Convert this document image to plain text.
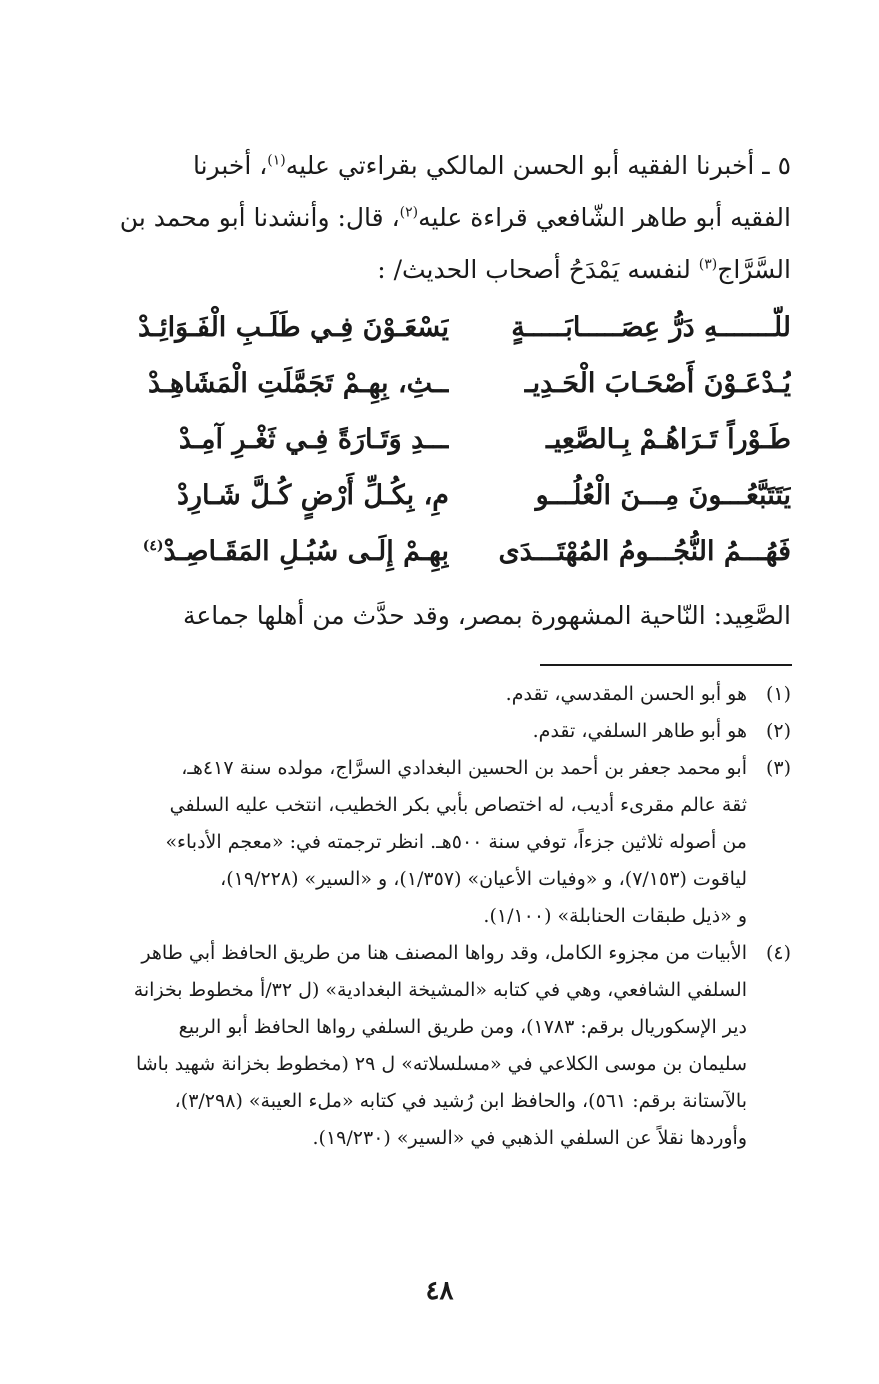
٥ ـ أخبرنا الفقيه أبو الحسن المالكي بقراءتي عليه$^{(١)}$، أخبرنا

الفقيه أبو طاهر الشّافعي قراءة عليه$^{(٢)}$، قال: وأنشدنا أبو محمد بن

السَّرَّاج$^{(٣)}$ لنفسه يَمْدَحُ أصحاب الحديث/ :

للّـــــــهِ دَرُّ عِصَـــــابَـــــةٍ
يَسْعَـوْنَ فِـي طَلَـبِ الْفَـوَائِـدْ
يُـدْعَـوْنَ أَصْحَـابَ الْحَـدِيـ
ــثِ، بِهِـمْ تَجَمَّلَتِ الْمَشَاهِـدْ
طَـوْراً تَـرَاهُـمْ بِـالصَّعِيـ
ـــدِ وَتَـارَةً فِـي ثَغْـرِ آمِـدْ
يَتَتَبَّعُـــونَ مِـــنَ الْعُلُـــو
مِ، بِكُـلِّ أَرْضٍ كُـلَّ شَـارِدْ
فَهُـــمُ النُّجُـــومُ المُهْتَـــدَى
بِهِـمْ إِلَـى سُبُـلِ المَقَـاصِـدْ$^{(٤)}$
الصَّعِيد: النّاحية المشهورة بمصر، وقد حدَّث من أهلها جماعة
(١)
هو أبو الحسن المقدسي، تقدم.
(٢)
هو أبو طاهر السلفي، تقدم.
(٣)
أبو محمد جعفر بن أحمد بن الحسين البغدادي السرَّاج، مولده سنة ٤١٧هـ،
ثقة عالم مقرىء أديب، له اختصاص بأبي بكر الخطيب، انتخب عليه السلفي
من أصوله ثلاثين جزءاً، توفي سنة ٥٠٠هـ. انظر ترجمته في: «معجم الأدباء»
لياقوت (٧/١٥٣)، و «وفيات الأعيان» (١/٣٥٧)، و «السير» (١٩/٢٢٨)،
و «ذيل طبقات الحنابلة» (١/١٠٠).
(٤)
الأبيات من مجزوء الكامل، وقد رواها المصنف هنا من طريق الحافظ أبي طاهر
السلفي الشافعي، وهي في كتابه «المشيخة البغدادية» (ل ٣٢/أ مخطوط بخزانة
دير الإسكوريال برقم: ١٧٨٣)، ومن طريق السلفي رواها الحافظ أبو الربيع
سليمان بن موسى الكلاعي في «مسلسلاته» ل ٢٩ (مخطوط بخزانة شهيد باشا
بالآستانة برقم: ٥٦١)، والحافظ ابن رُشيد في كتابه «ملء العيبة» (٣/٢٩٨)،
وأوردها نقلاً عن السلفي الذهبي في «السير» (١٩/٢٣٠).
٤٨
